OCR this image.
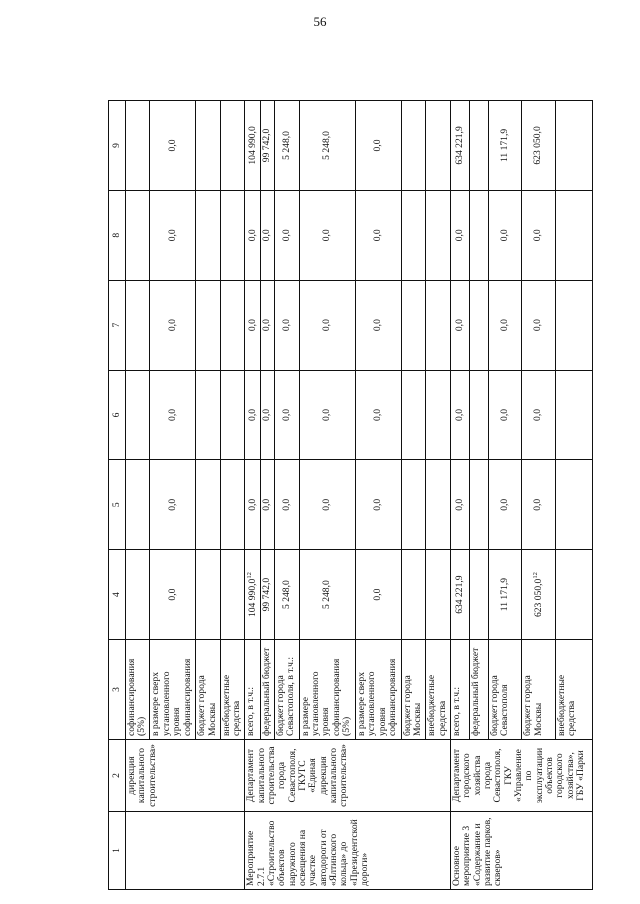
56
1	2	3	4	5	6	7	8	9
	дирекция капитального строительства»	софинансирования (5%)						
		в размере сверх установленного уровня софинансирования	0,0	0,0	0,0	0,0	0,0	0,0
		бюджет города Москвы						
		внебюджетные средства						
Мероприятие 2.7.1 «Строительство объектов наружного освещения на участке автодороги от «Ялтинского кольца» до «Президентской дороги»	Департамент капитального строительства города Севастополя, ГКУГС «Единая дирекция капитального строительства»	всего, в т.ч.:	104 990,0$^{12}$	0,0	0,0	0,0	0,0	104 990,0
		федеральный бюджет	99 742,0	0,0	0,0	0,0	0,0	99 742,0
		бюджет города Севастополя, в т.ч.:	5 248,0	0,0	0,0	0,0	0,0	5 248,0
		в размере установленного уровня софинансирования (5%)	5 248,0	0,0	0,0	0,0	0,0	5 248,0
		в размере сверх установленного уровня софинансирования	0,0	0,0	0,0	0,0	0,0	0,0
		бюджет города Москвы						
		внебюджетные средства						
Основное мероприятие 3 «Содержание и развитие парков, скверов»	Департамент городского хозяйства города Севастополя, ГКУ «Управление по эксплуатации объектов городского хозяйства», ГБУ «Парки	всего, в т.ч.:	634 221,9	0,0	0,0	0,0	0,0	634 221,9
		федеральный бюджет						
		бюджет города Севастополя	11 171,9	0,0	0,0	0,0	0,0	11 171,9
		бюджет города Москвы	623 050,0$^{12}$	0,0	0,0	0,0	0,0	623 050,0
		внебюджетные средства						
